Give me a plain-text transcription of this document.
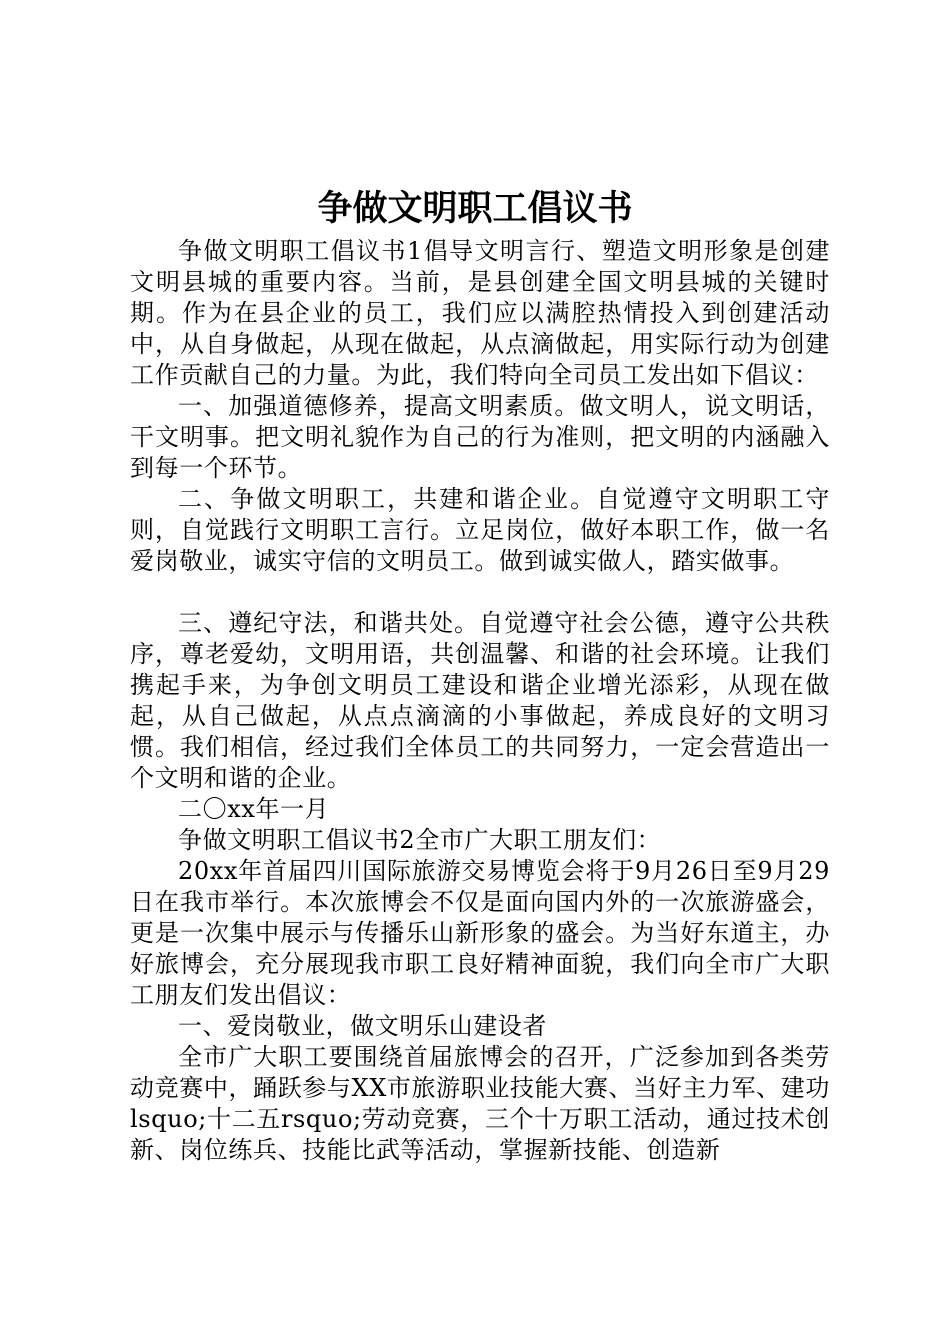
争做文明职工倡议书

争做文明职工倡议书1倡导文明言行、塑造文明形象是创建文明县城的重要内容。当前，是县创建全国文明县城的关键时期。作为在县企业的员工，我们应以满腔热情投入到创建活动中，从自身做起，从现在做起，从点滴做起，用实际行动为创建工作贡献自己的力量。为此，我们特向全司员工发出如下倡议：

一、加强道德修养，提高文明素质。做文明人，说文明话，干文明事。把文明礼貌作为自己的行为准则，把文明的内涵融入到每一个环节。

二、争做文明职工，共建和谐企业。自觉遵守文明职工守则，自觉践行文明职工言行。立足岗位，做好本职工作，做一名爱岗敬业，诚实守信的文明员工。做到诚实做人，踏实做事。

三、遵纪守法，和谐共处。自觉遵守社会公德，遵守公共秩序，尊老爱幼，文明用语，共创温馨、和谐的社会环境。让我们携起手来，为争创文明员工建设和谐企业增光添彩，从现在做起，从自己做起，从点点滴滴的小事做起，养成良好的文明习惯。我们相信，经过我们全体员工的共同努力，一定会营造出一个文明和谐的企业。

二〇xx年一月

争做文明职工倡议书2全市广大职工朋友们：

20xx年首届四川国际旅游交易博览会将于9月26日至9月29日在我市举行。本次旅博会不仅是面向国内外的一次旅游盛会，更是一次集中展示与传播乐山新形象的盛会。为当好东道主，办好旅博会，充分展现我市职工良好精神面貌，我们向全市广大职工朋友们发出倡议：

一、爱岗敬业，做文明乐山建设者

全市广大职工要围绕首届旅博会的召开，广泛参加到各类劳动竞赛中，踊跃参与XX市旅游职业技能大赛、当好主力军、建功lsquo;十二五rsquo;劳动竞赛，三个十万职工活动，通过技术创新、岗位练兵、技能比武等活动，掌握新技能、创造新
